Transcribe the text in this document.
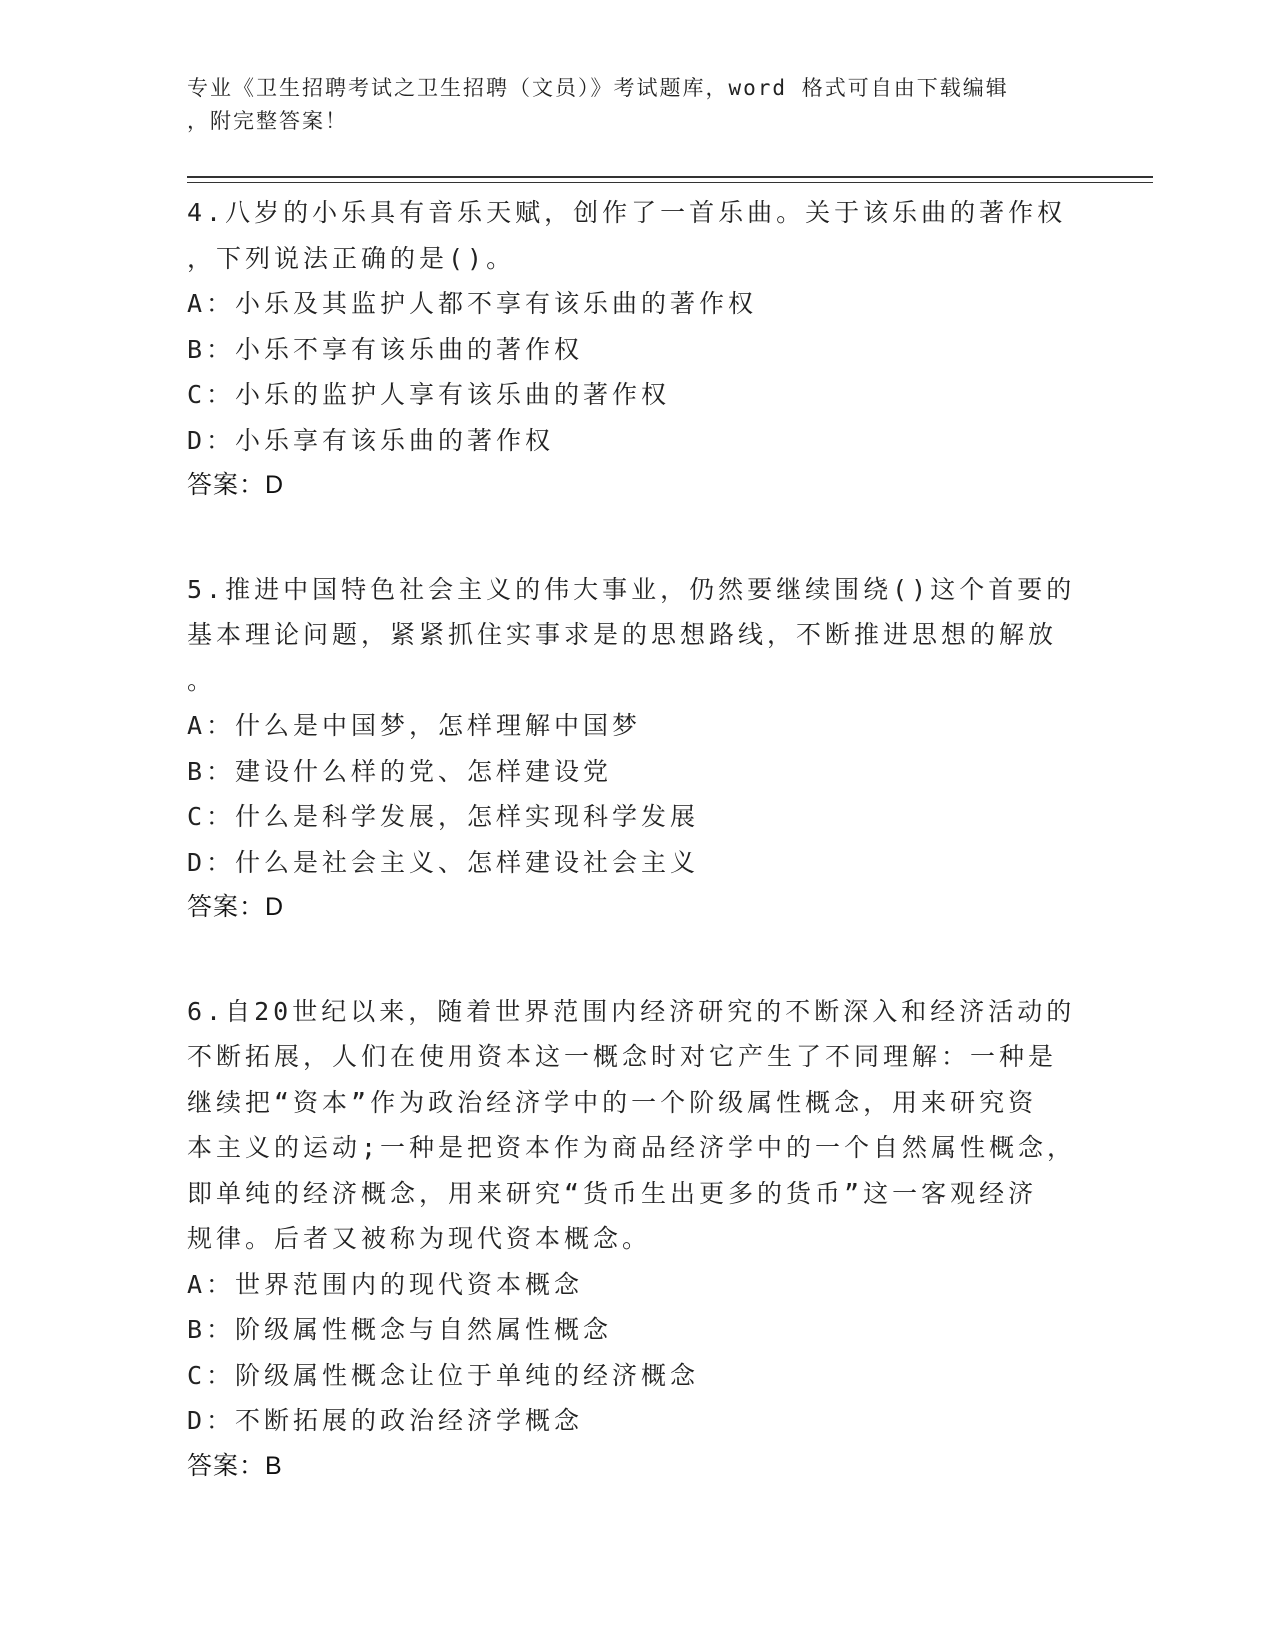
专业《卫生招聘考试之卫生招聘（文员）》考试题库，word 格式可自由下载编辑
，附完整答案！
4.八岁的小乐具有音乐天赋，创作了一首乐曲。关于该乐曲的著作权
，下列说法正确的是()。
A：小乐及其监护人都不享有该乐曲的著作权
B：小乐不享有该乐曲的著作权
C：小乐的监护人享有该乐曲的著作权
D：小乐享有该乐曲的著作权
答案：D
5.推进中国特色社会主义的伟大事业，仍然要继续围绕()这个首要的
基本理论问题，紧紧抓住实事求是的思想路线，不断推进思想的解放
。
A：什么是中国梦，怎样理解中国梦
B：建设什么样的党、怎样建设党
C：什么是科学发展，怎样实现科学发展
D：什么是社会主义、怎样建设社会主义
答案：D
6.自20世纪以来，随着世界范围内经济研究的不断深入和经济活动的
不断拓展，人们在使用资本这一概念时对它产生了不同理解：一种是
继续把“资本”作为政治经济学中的一个阶级属性概念，用来研究资
本主义的运动;一种是把资本作为商品经济学中的一个自然属性概念，
即单纯的经济概念，用来研究“货币生出更多的货币”这一客观经济
规律。后者又被称为现代资本概念。
A：世界范围内的现代资本概念
B：阶级属性概念与自然属性概念
C：阶级属性概念让位于单纯的经济概念
D：不断拓展的政治经济学概念
答案：B
